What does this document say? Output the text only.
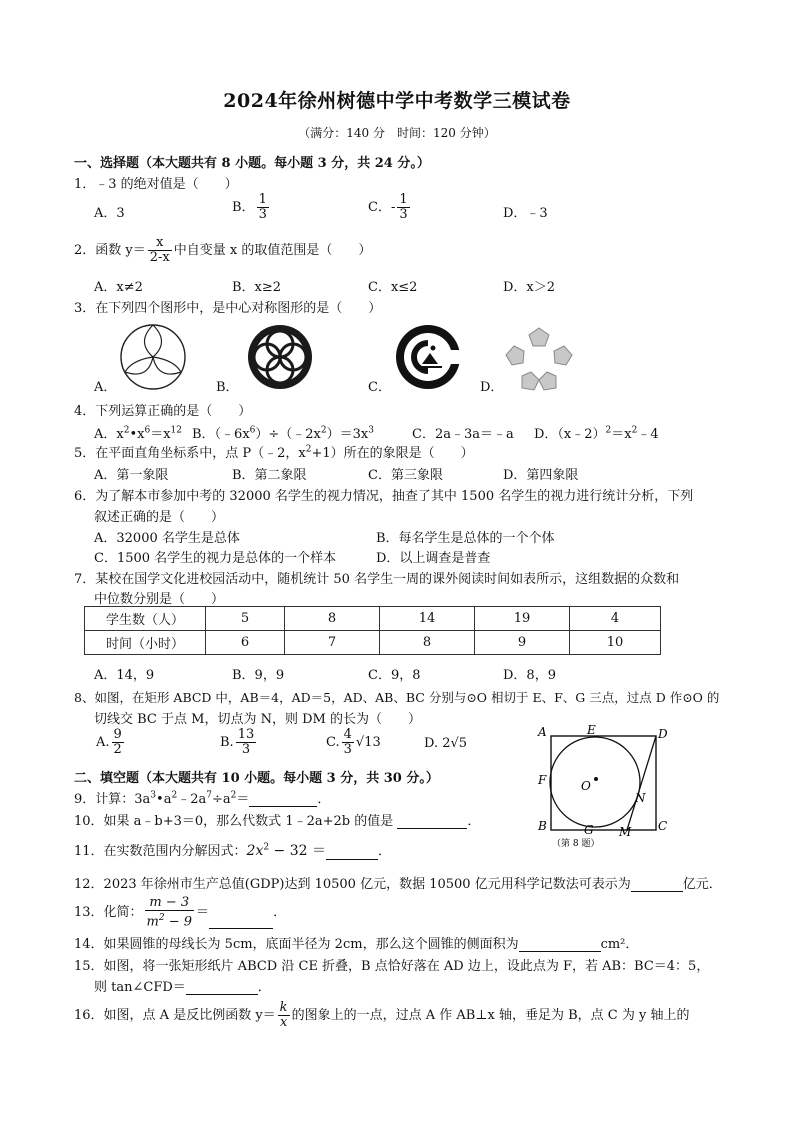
2024年徐州树德中学中考数学三模试卷
（满分：140 分　时间：120 分钟）
一、选择题（本大题共有 8 小题。每小题 3 分，共 24 分。）
1．﹣3 的绝对值是（　　）
A．3	B． $\frac{1}{3}$	C．- $\frac{1}{3}$	D．﹣3
2．函数 $y= \frac{x}{2-x}$ 中自变量 x 的取值范围是（　　）
A．x≠2	B．x≥2	C．x≤2	D．x＞2
3．在下列四个图形中，是中心对称图形的是（　　）
A．	B．	C．	D．
4．下列运算正确的是（　　）
A．$x^2•x^6=x^{12}$ B．$(﹣6x^6)\div(﹣2x^2)=3x^3$	C．2a﹣3a＝﹣a D．$(x﹣2)^2=x^2﹣4$
5．在平面直角坐标系中，点 P（﹣2，$x^2+1$）所在的象限是（　　）
A．第一象限	B．第二象限	C．第三象限	D．第四象限
6．为了解本市参加中考的 32000 名学生的视力情况，抽查了其中 1500 名学生的视力进行统计分析，下列
叙述正确的是（　　）
A．32000 名学生是总体	B．每名学生是总体的一个个体
C．1500 名学生的视力是总体的一个样本	D．以上调查是普查
7．某校在国学文化进校园活动中，随机统计 50 名学生一周的课外阅读时间如表所示，这组数据的众数和
中位数分别是（　　）
学生数（人）	5	8	14	19	4
时间（小时）	6	7	8	9	10
A．14，9	B．9，9	C．9，8	D．8，9
8、如图，在矩形 ABCD 中，AB＝4，AD＝5，AD、AB、BC 分别与⊙O 相切于 E、F、G 三点，过点 D 作⊙O 的
切线交 BC 于点 M，切点为 N，则 DM 的长为（　　）
A. $\frac{9}{2}$	B. $\frac{13}{3}$	C. $\frac{4}{3} √13$	D. 2√5
A	E	D
F	O
N
B	G M C
（第 8 题）
二、填空题（本大题共有 10 小题。每小题 3 分，共 30 分。）
9．计算：$3a^3•a^2﹣2a^7\div a^2=$	．
10．如果 a﹣b+3＝0，那么代数式 1﹣2a+2b 的值是	．
11．在实数范围内分解因式：$2x^2 - 32$ ＝	．
12．2023 年徐州市生产总值(GDP)达到 10500 亿元，数据 10500 亿元用科学记数法可表示为	亿元．
13．化简： $\frac{m - 3}{m^2 - 9}$ ＝	．
14．如果圆锥的母线长为 5cm，底面半径为 2cm，那么这个圆锥的侧面积为	cm²．
15．如图，将一张矩形纸片 ABCD 沿 CE 折叠，B 点恰好落在 AD 边上，设此点为 F，若 AB：BC＝4：5，
则 tan∠CFD＝	．
16．如图，点 A 是反比例函数 $y= \frac{k}{x}$ 的图象上的一点，过点 A 作 AB⊥x 轴，垂足为 B，点 C 为 y 轴上的
